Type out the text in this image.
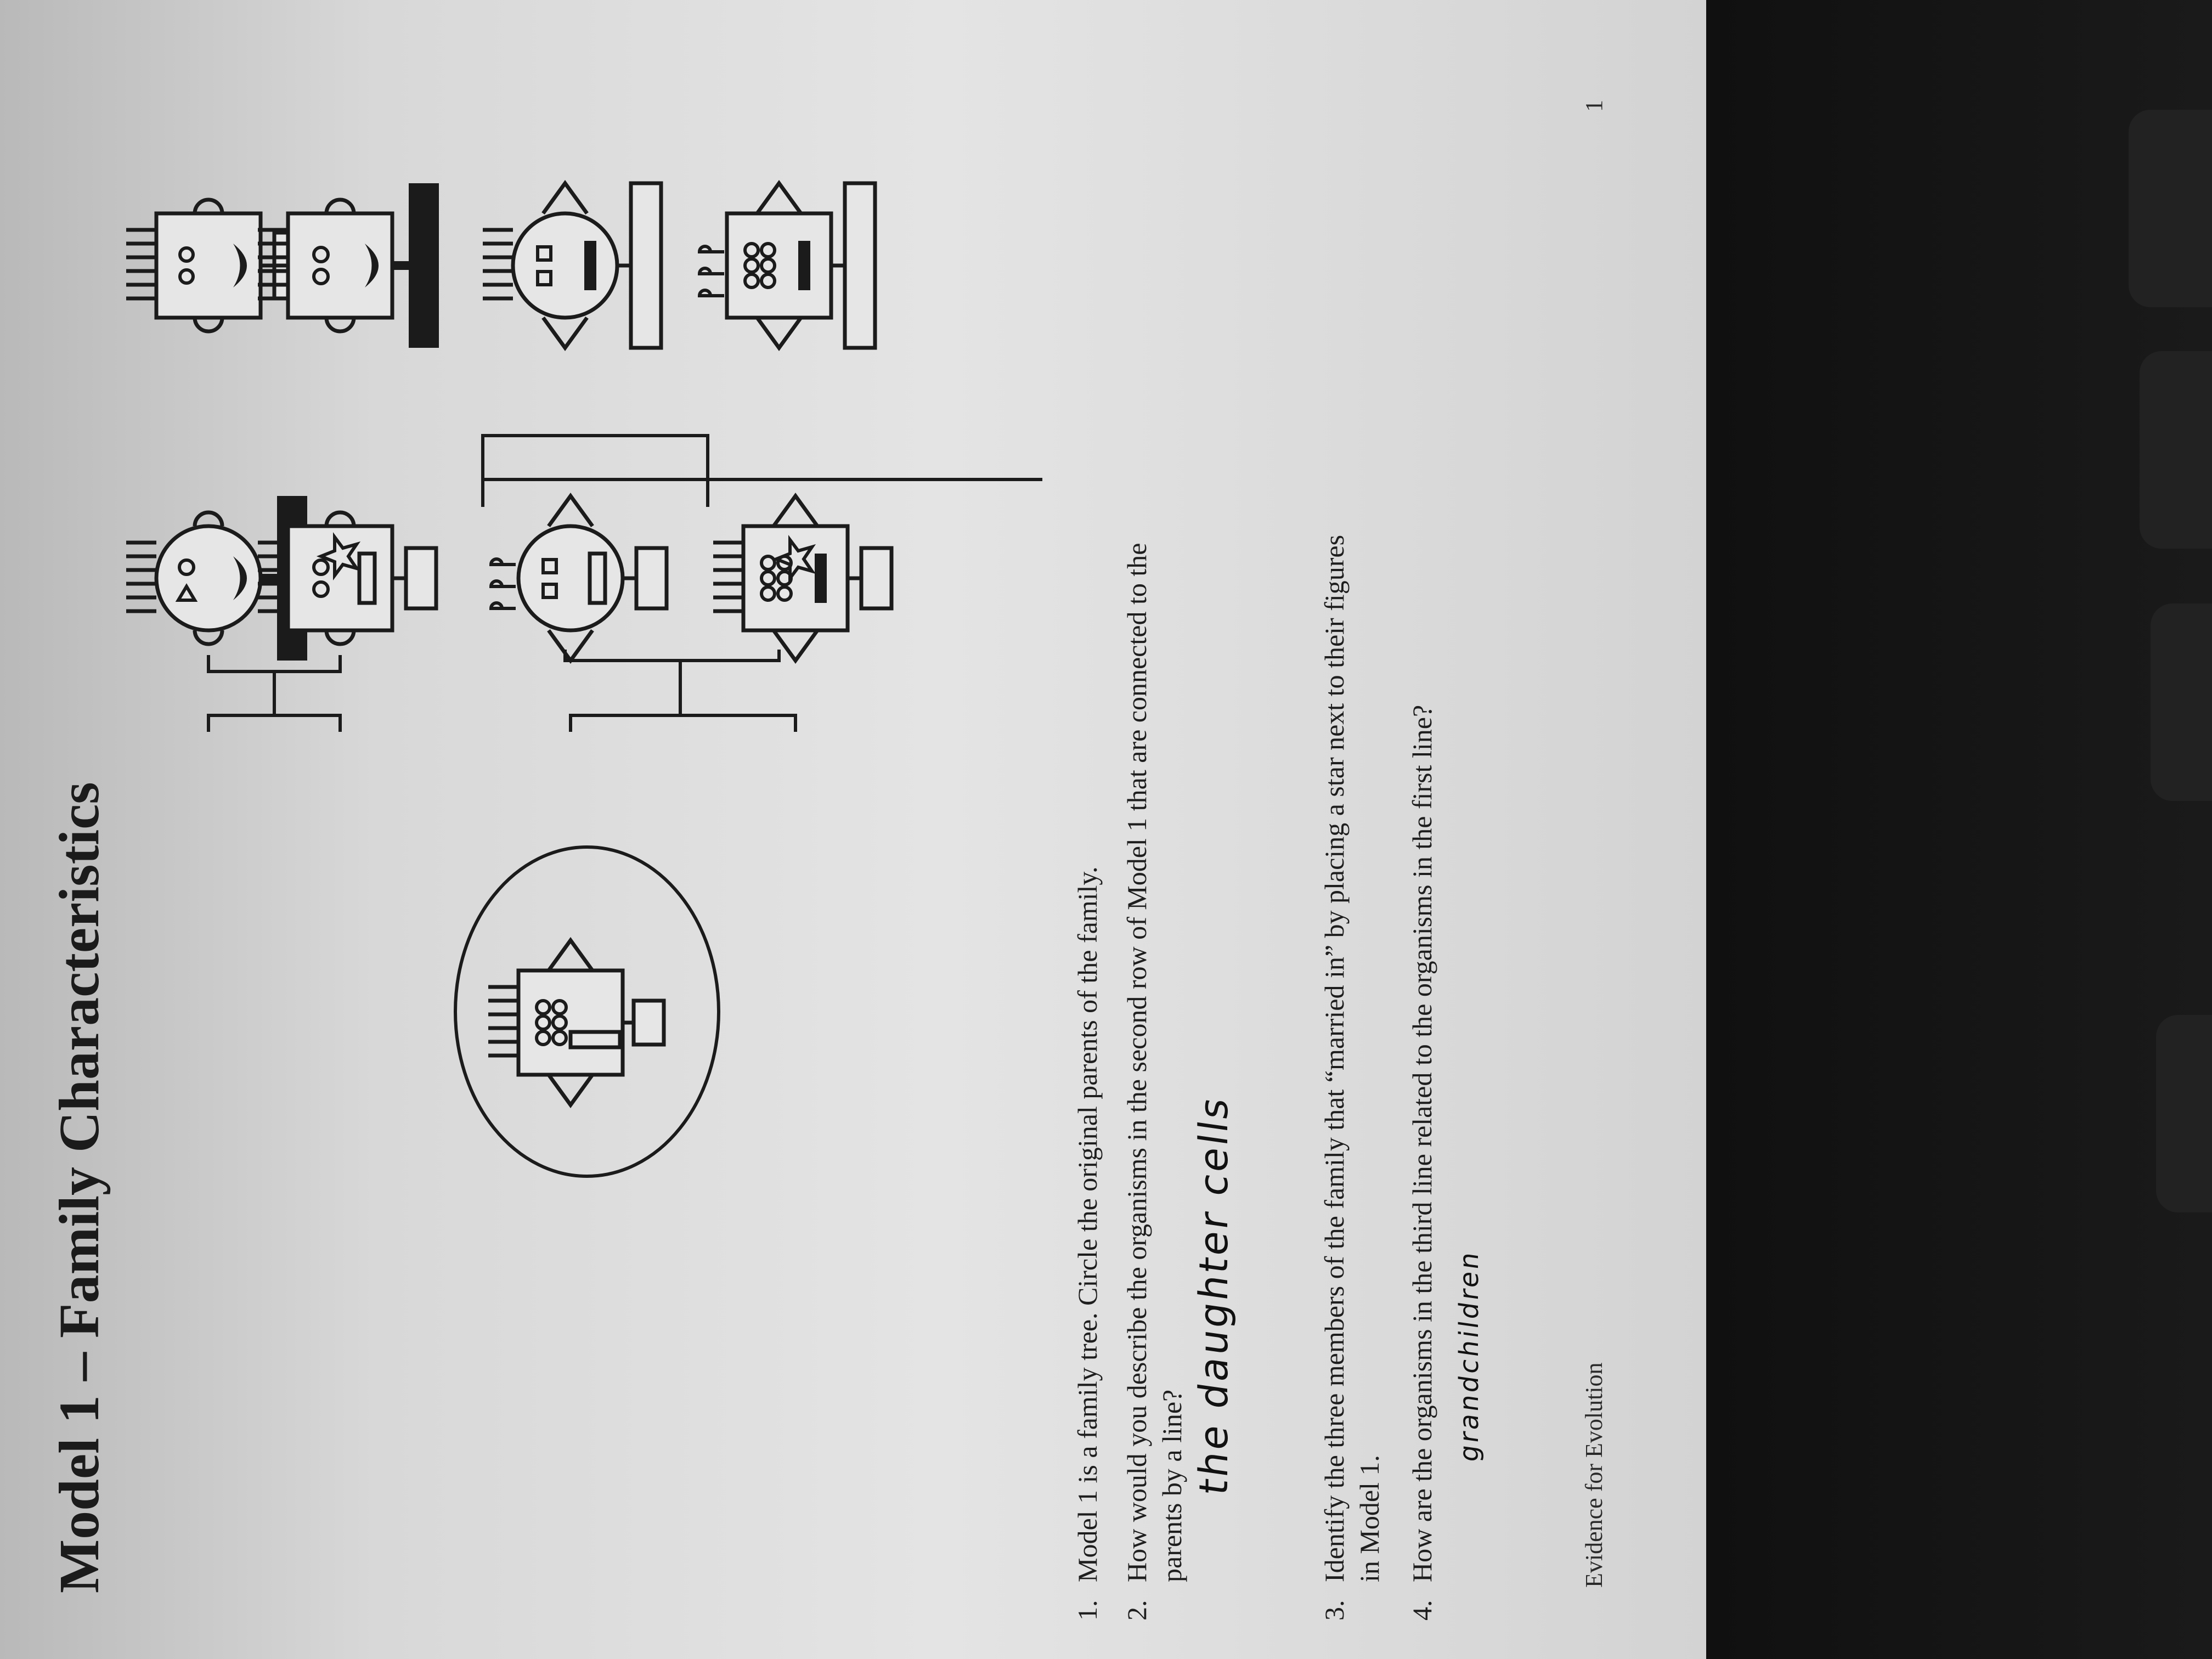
Model 1 – Family Characteristics
1.
Model 1 is a family tree. Circle the original parents of the family.
2.
How would you describe the organisms in the second row of Model 1 that are connected to the parents by a line? the daughter cells
3.
Identify the three members of the family that “married in” by placing a star next to their figures in Model 1.
4.
How are the organisms in the third line related to the organisms in the first line? grandchildren
Evidence for Evolution
1
